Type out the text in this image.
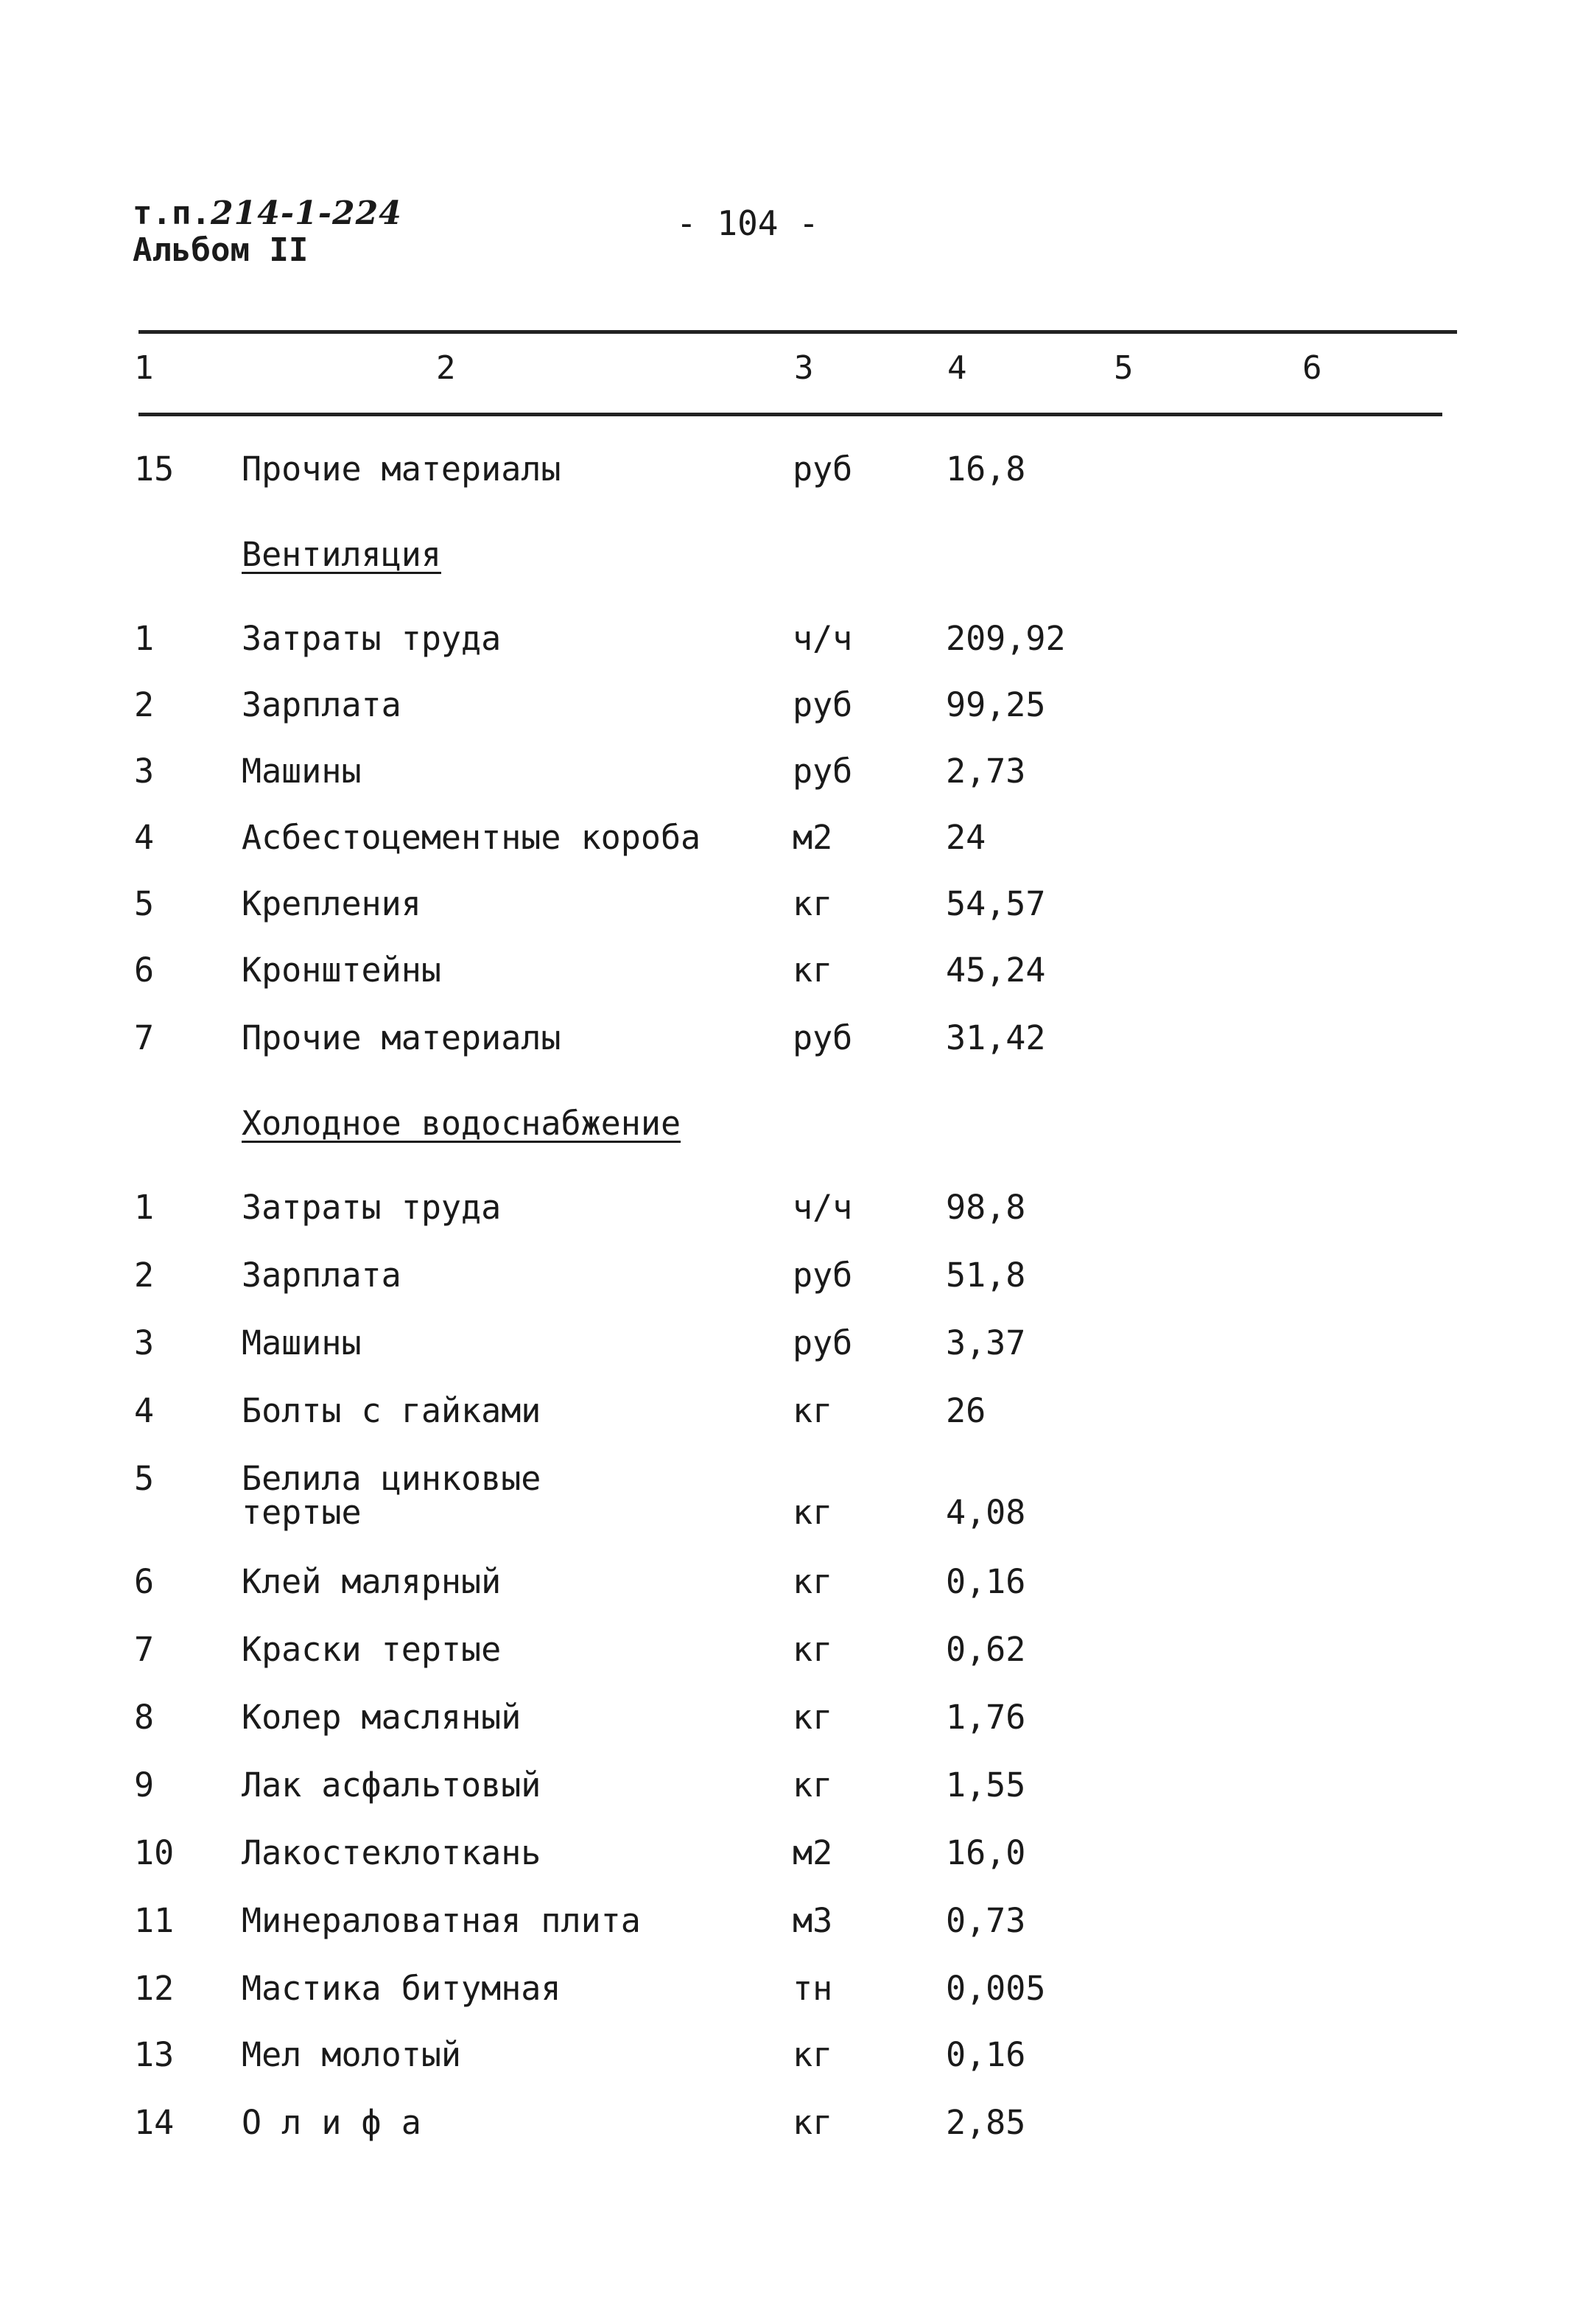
т.п.214-1-224
Альбом II
- 104 -
1	2	3	4	5	6
15 Прочие материалы	руб	16,8
Вентиляция
1	Затраты труда	ч/ч	209,92
2	Зарплата	руб	99,25
3	Машины	руб	2,73
4	Асбестоцементные короба	м2	24
5	Крепления	кг	54,57
6	Кронштейны	кг	45,24
7	Прочие материалы	руб	31,42
Холодное водоснабжение
1	Затраты труда	ч/ч	98,8
2	Зарплата	руб	51,8
3	Машины	руб	3,37
4	Болты с гайками	кг	26
5	Белила цинковые
тертые	кг	4,08
6	Клей малярный	кг	0,16
7	Краски тертые	кг	0,62
8	Колер масляный	кг	1,76
9	Лак асфальтовый	кг	1,55
10 Лакостеклоткань	м2	16,0
11 Минераловатная плита	м3	0,73
12 Мастика битумная	тн	0,005
13 Мел молотый	кг	0,16
14 О л и ф а	кг	2,85
